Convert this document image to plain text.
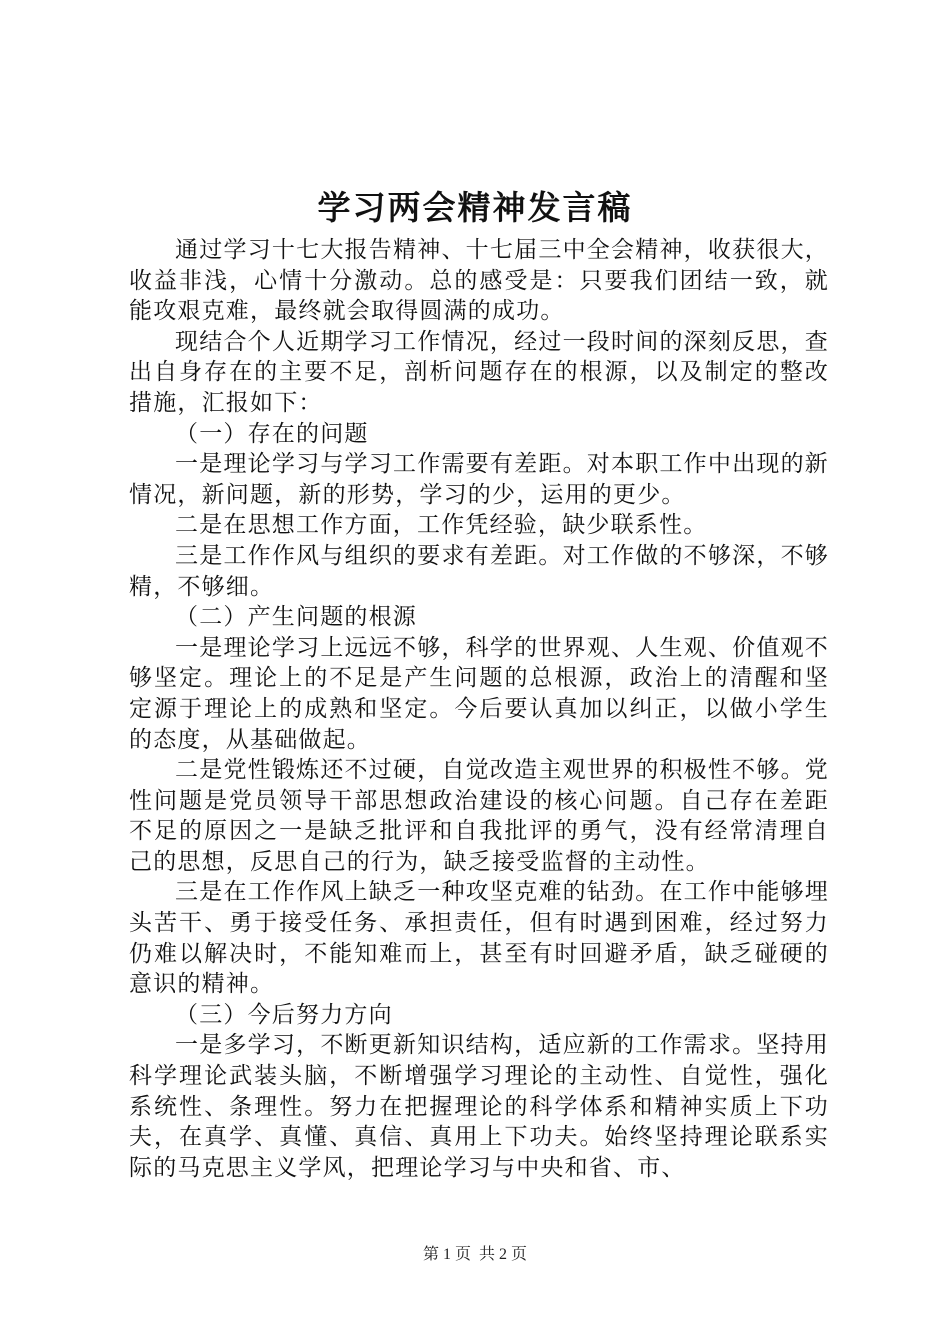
学习两会精神发言稿

通过学习十七大报告精神、十七届三中全会精神，收获很大，收益非浅，心情十分激动。总的感受是：只要我们团结一致，就能攻艰克难，最终就会取得圆满的成功。

现结合个人近期学习工作情况，经过一段时间的深刻反思，查出自身存在的主要不足，剖析问题存在的根源，以及制定的整改措施，汇报如下：

（一）存在的问题

一是理论学习与学习工作需要有差距。对本职工作中出现的新情况，新问题，新的形势，学习的少，运用的更少。

二是在思想工作方面，工作凭经验，缺少联系性。

三是工作作风与组织的要求有差距。对工作做的不够深，不够精，不够细。

（二）产生问题的根源

一是理论学习上远远不够，科学的世界观、人生观、价值观不够坚定。理论上的不足是产生问题的总根源，政治上的清醒和坚定源于理论上的成熟和坚定。今后要认真加以纠正，以做小学生的态度，从基础做起。

二是党性锻炼还不过硬，自觉改造主观世界的积极性不够。党性问题是党员领导干部思想政治建设的核心问题。自己存在差距不足的原因之一是缺乏批评和自我批评的勇气，没有经常清理自己的思想，反思自己的行为，缺乏接受监督的主动性。

三是在工作作风上缺乏一种攻坚克难的钻劲。在工作中能够埋头苦干、勇于接受任务、承担责任，但有时遇到困难，经过努力仍难以解决时，不能知难而上，甚至有时回避矛盾，缺乏碰硬的意识的精神。

（三）今后努力方向

一是多学习，不断更新知识结构，适应新的工作需求。坚持用科学理论武装头脑，不断增强学习理论的主动性、自觉性，强化系统性、条理性。努力在把握理论的科学体系和精神实质上下功夫，在真学、真懂、真信、真用上下功夫。始终坚持理论联系实际的马克思主义学风，把理论学习与中央和省、市、

第 1 页 共 2 页
